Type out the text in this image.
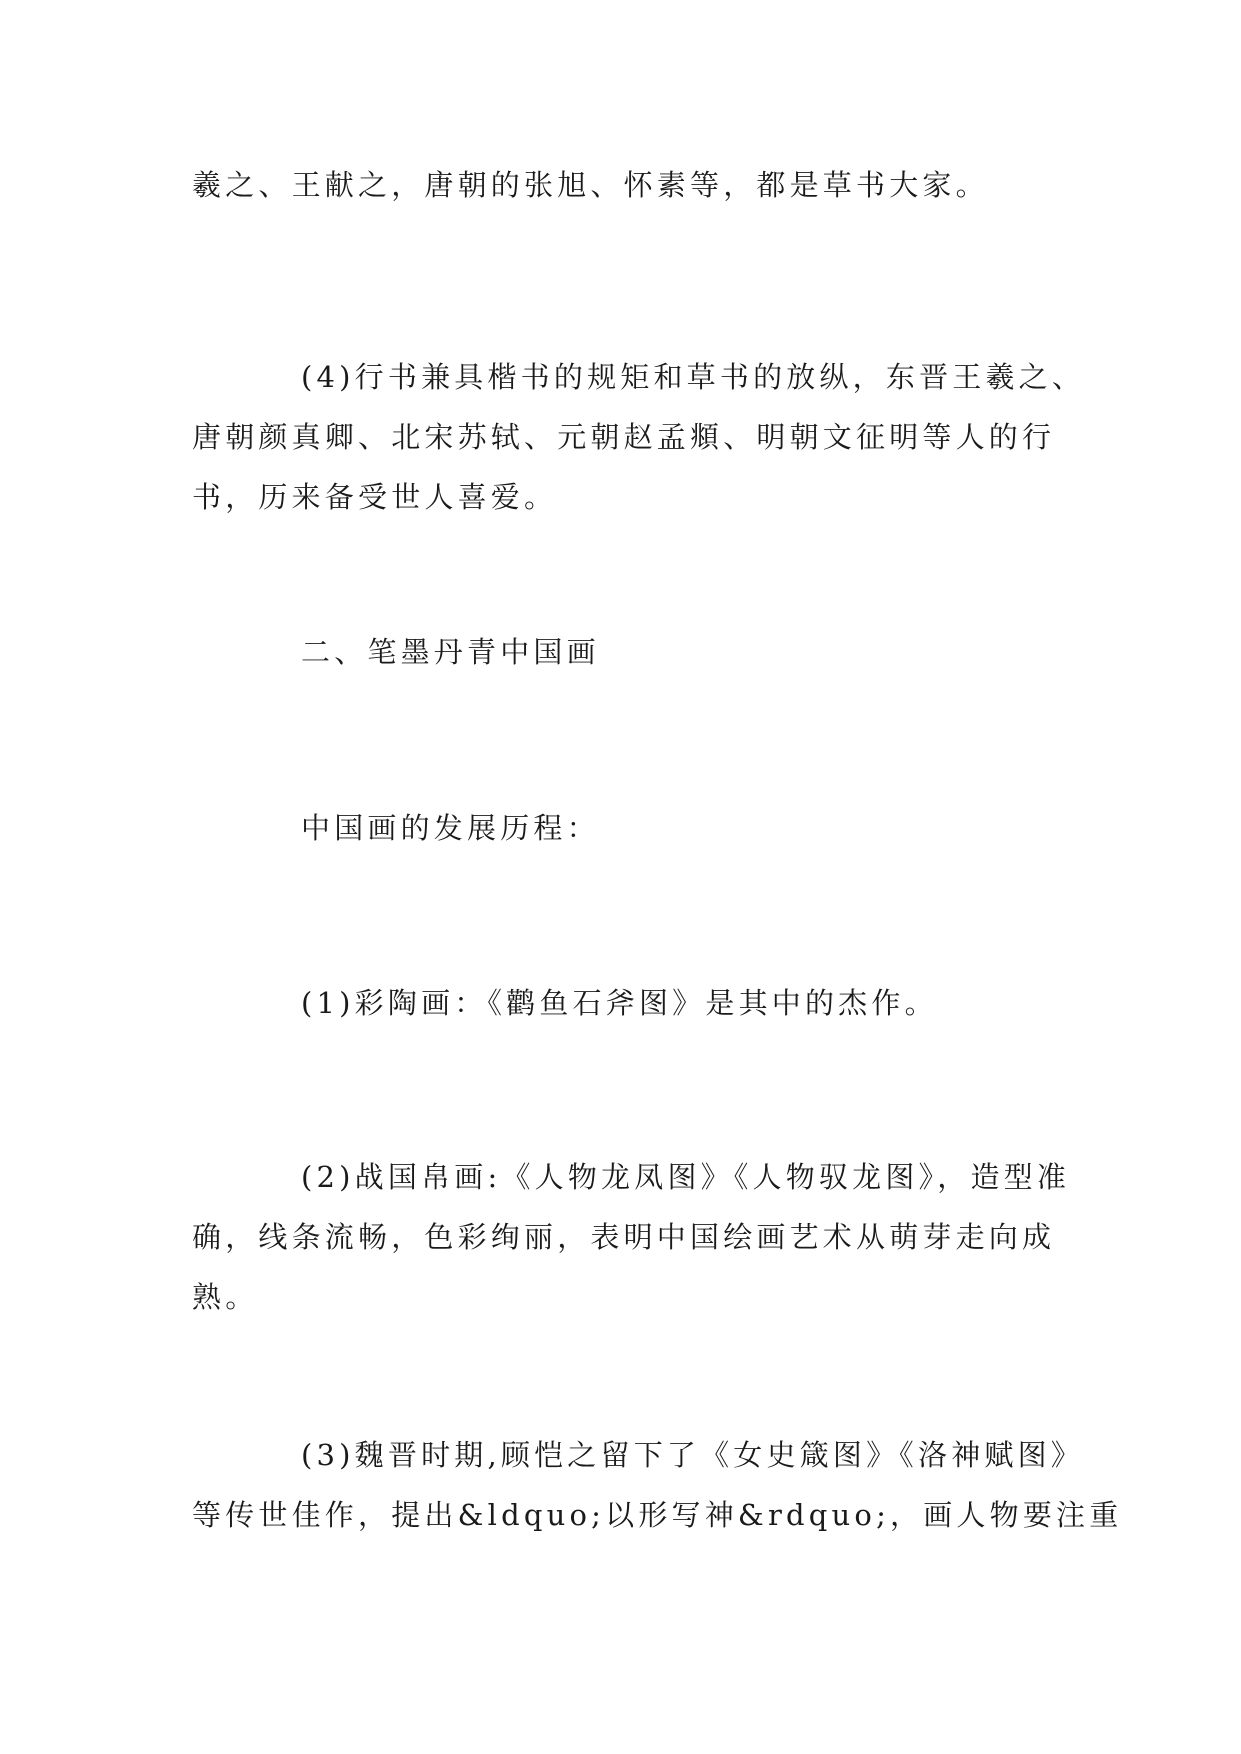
羲之、王献之，唐朝的张旭、怀素等，都是草书大家。
(4)行书兼具楷书的规矩和草书的放纵，东晋王羲之、
唐朝颜真卿、北宋苏轼、元朝赵孟頫、明朝文征明等人的行
书，历来备受世人喜爱。
二、笔墨丹青中国画
中国画的发展历程：
(1)彩陶画：《鹳鱼石斧图》是其中的杰作。
(2)战国帛画:《人物龙凤图》《人物驭龙图》，造型准
确，线条流畅，色彩绚丽，表明中国绘画艺术从萌芽走向成
熟。
(3)魏晋时期,顾恺之留下了《女史箴图》《洛神赋图》
等传世佳作，提出&ldquo;以形写神&rdquo;，画人物要注重
